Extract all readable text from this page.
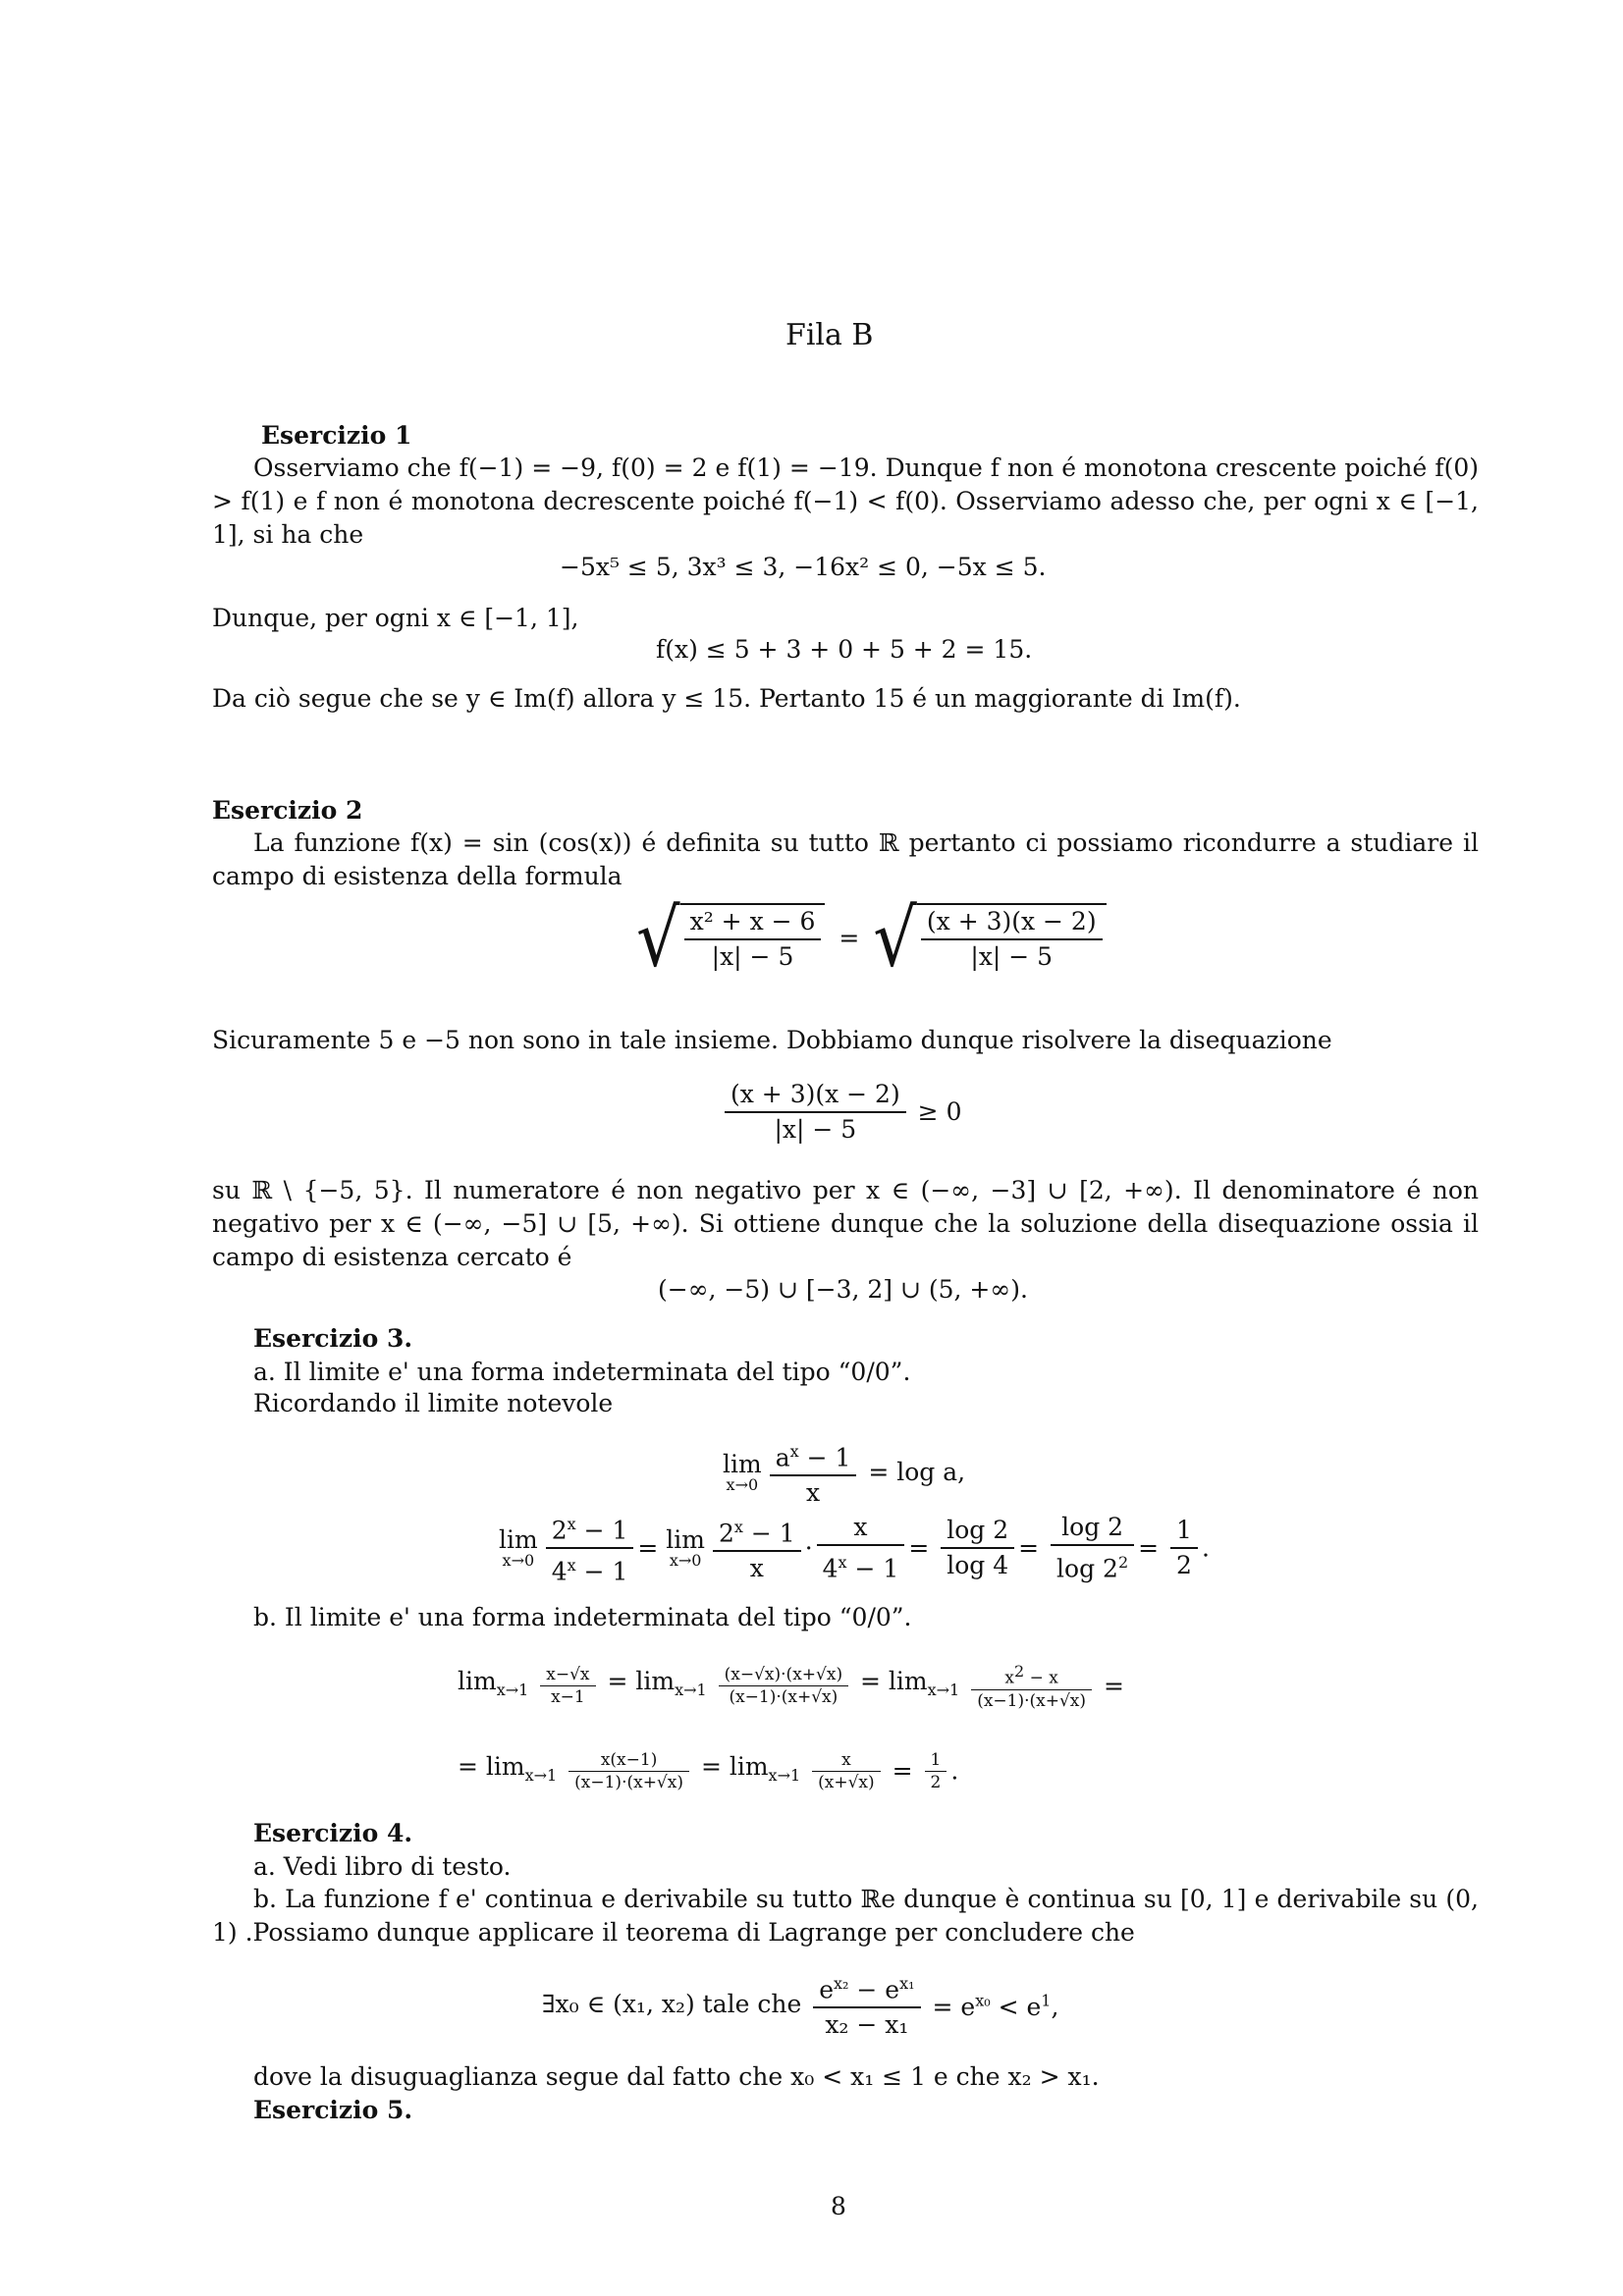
Fila B
Esercizio 1
Osserviamo che f(−1) = −9, f(0) = 2 e f(1) = −19. Dunque f non é monotona crescente poiché f(0) > f(1) e f non é monotona decrescente poiché f(−1) < f(0). Osserviamo adesso che, per ogni x ∈ [−1, 1], si ha che
−5x⁵ ≤ 5, 3x³ ≤ 3, −16x² ≤ 0, −5x ≤ 5.
Dunque, per ogni x ∈ [−1, 1],
f(x) ≤ 5 + 3 + 0 + 5 + 2 = 15.
Da ciò segue che se y ∈ Im(f) allora y ≤ 15. Pertanto 15 é un maggiorante di Im(f).
Esercizio 2
La funzione f(x) = sin (cos(x)) é definita su tutto ℝ pertanto ci possiamo ricondurre a studiare il campo di esistenza della formula
√ $\frac{\text{x² + x − 6}}{|x| - 5}$ = √ $\frac{(x + 3)(x - 2)}{|x| - 5}$
Sicuramente 5 e −5 non sono in tale insieme. Dobbiamo dunque risolvere la disequazione
$\frac{(x + 3)(x - 2)}{|x| - 5} \ge 0$
su ℝ \ {−5, 5}. Il numeratore é non negativo per x ∈ (−∞, −3] ∪ [2, +∞). Il denominatore é non negativo per x ∈ (−∞, −5] ∪ [5, +∞). Si ottiene dunque che la soluzione della disequazione ossia il campo di esistenza cercato é
(−∞, −5) ∪ [−3, 2] ∪ (5, +∞).
Esercizio 3.
a. Il limite e' una forma indeterminata del tipo “0/0”.
Ricordando il limite notevole
lim
$x\to 0 \frac{a^x - 1}{x} = \log a$,
lim
$x\to 0 \frac{2^x - 1}{4^x - 1} = \lim$
$x\to 0 \frac{2^x - 1}{x} \cdot \frac{x}{4^x - 1} = \frac{\log 2}{\log 4} = \frac{\log 2}{\log 2^2} = \frac{1}{2}$ .
b. Il limite e' una forma indeterminata del tipo “0/0”.
$\lim_{x\to 1} \frac{x-√x}{x-1} = \lim_{x\to 1} \frac{(x-√x)\cdot(x+√x)}{(x-1)\cdot(x+√x)} = \lim_{x\to 1} \frac{x^2 - x}{(x-1)\cdot(x+√x)}$ =
= $\lim_{x\to 1} \frac{x(x-1)}{(x-1)\cdot(x+√x)} = \lim_{x\to 1} \frac{x}{(x+√x)} = \frac{1}{2}$ .
Esercizio 4.
a. Vedi libro di testo.
b. La funzione f e' continua e derivabile su tutto ℝe dunque è continua su [0, 1] e derivabile su (0, 1) .Possiamo dunque applicare il teorema di Lagrange per concludere che
∃x₀ ∈ (x₁, x₂) tale che $\frac{e^{x_2} - e^{x_1}}{\text{x₂ − x₁}} = e^{x_0} < e^1$,
dove la disuguaglianza segue dal fatto che x₀ < x₁ ≤ 1 e che x₂ > x₁.
Esercizio 5.
8
